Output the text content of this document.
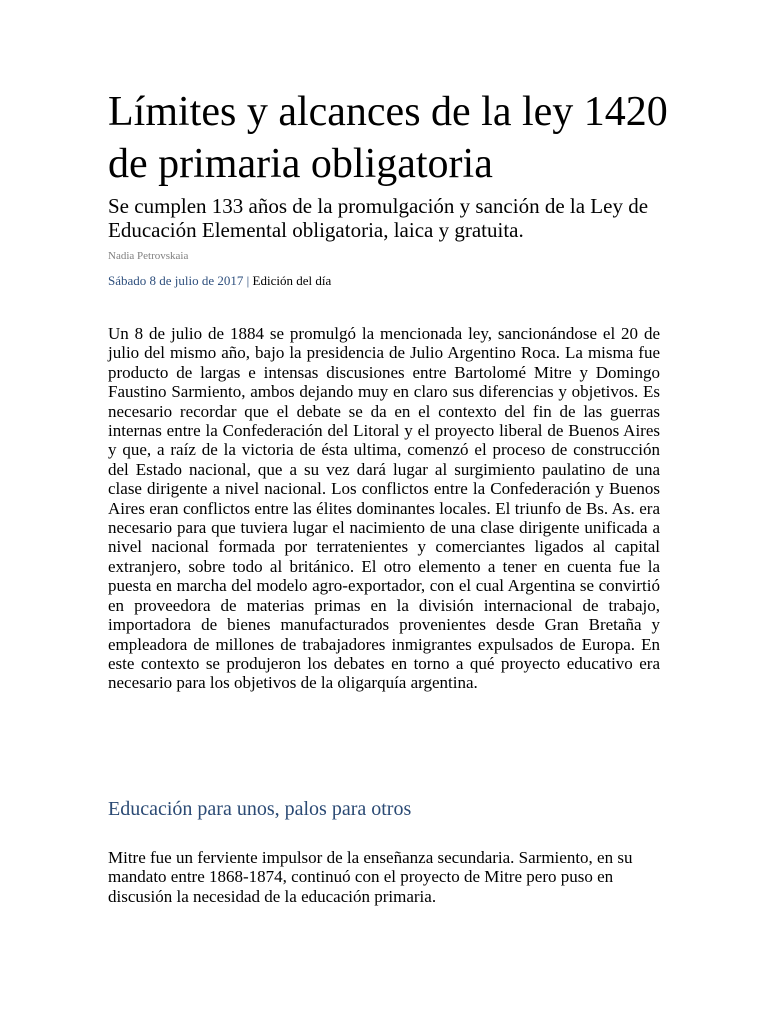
Límites y alcances de la ley 1420 de primaria obligatoria
Se cumplen 133 años de la promulgación y sanción de la Ley de Educación Elemental obligatoria, laica y gratuita.

Nadia Petrovskaia

Sábado 8 de julio de 2017 | Edición del día

Un 8 de julio de 1884 se promulgó la mencionada ley, sancionándose el 20 de julio del mismo año, bajo la presidencia de Julio Argentino Roca. La misma fue producto de largas e intensas discusiones entre Bartolomé Mitre y Domingo Faustino Sarmiento, ambos dejando muy en claro sus diferencias y objetivos. Es necesario recordar que el debate se da en el contexto del fin de las guerras internas entre la Confederación del Litoral y el proyecto liberal de Buenos Aires y que, a raíz de la victoria de ésta ultima, comenzó el proceso de construcción del Estado nacional, que a su vez dará lugar al surgimiento paulatino de una clase dirigente a nivel nacional. Los conflictos entre la Confederación y Buenos Aires eran conflictos entre las élites dominantes locales. El triunfo de Bs. As. era necesario para que tuviera lugar el nacimiento de una clase dirigente unificada a nivel nacional formada por terratenientes y comerciantes ligados al capital extranjero, sobre todo al británico. El otro elemento a tener en cuenta fue la puesta en marcha del modelo agro-exportador, con el cual Argentina se convirtió en proveedora de materias primas en la división internacional de trabajo, importadora de bienes manufacturados provenientes desde Gran Bretaña y empleadora de millones de trabajadores inmigrantes expulsados de Europa. En este contexto se produjeron los debates en torno a qué proyecto educativo era necesario para los objetivos de la oligarquía argentina.

Educación para unos, palos para otros

Mitre fue un ferviente impulsor de la enseñanza secundaria. Sarmiento, en su mandato entre 1868-1874, continuó con el proyecto de Mitre pero puso en discusión la necesidad de la educación primaria.
